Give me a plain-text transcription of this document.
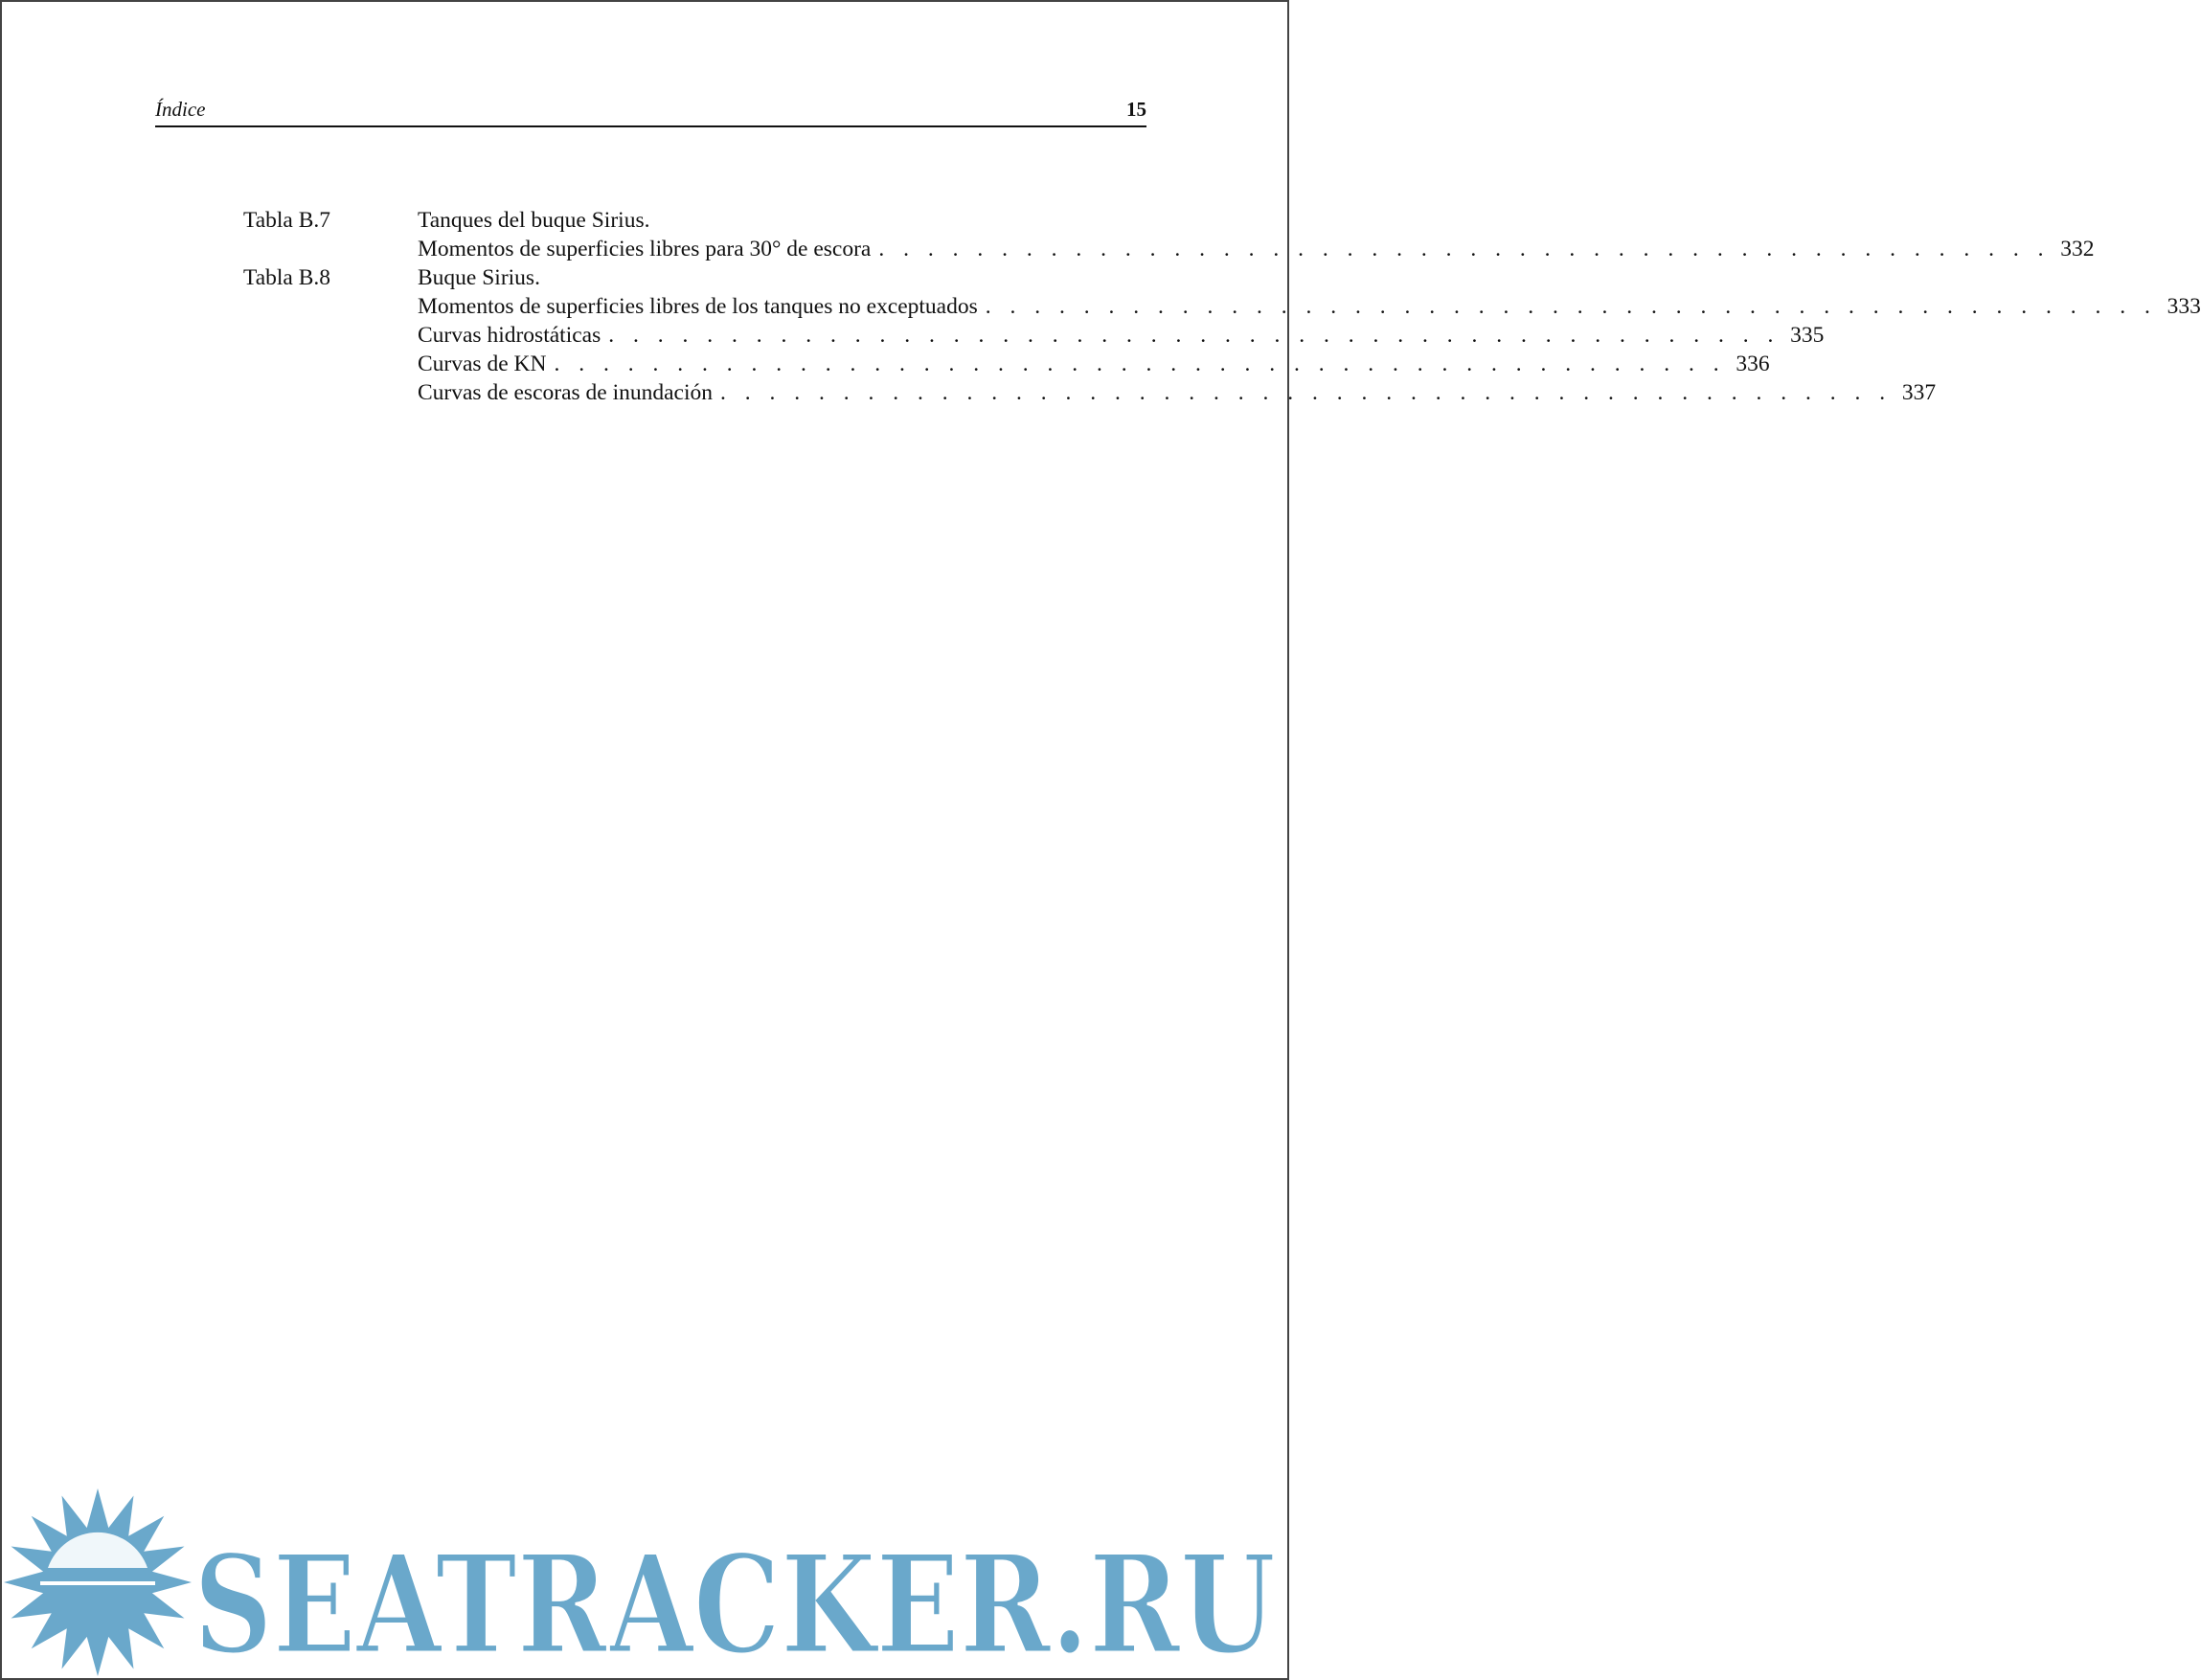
Índice	15
Tabla B.7	Tanques del buque Sirius.
Momentos de superficies libres para 30° de escora . . . . . . . . . . . . . . . . . . . . . . . . . . . . . . . . . . . . . . . . . . . . . . . . 332
Tabla B.8	Buque Sirius.
Momentos de superficies libres de los tanques no exceptuados . . . . . . . . . . . . . . . . . . . . . . . . . . . . . . . . . . . . . . . . . . . . . . . . 333
Curvas hidrostáticas . . . . . . . . . . . . . . . . . . . . . . . . . . . . . . . . . . . . . . . . . . . . . . . . 335
Curvas de KN . . . . . . . . . . . . . . . . . . . . . . . . . . . . . . . . . . . . . . . . . . . . . . . . 336
Curvas de escoras de inundación . . . . . . . . . . . . . . . . . . . . . . . . . . . . . . . . . . . . . . . . . . . . . . . . 337
SEATRACKER.RU
